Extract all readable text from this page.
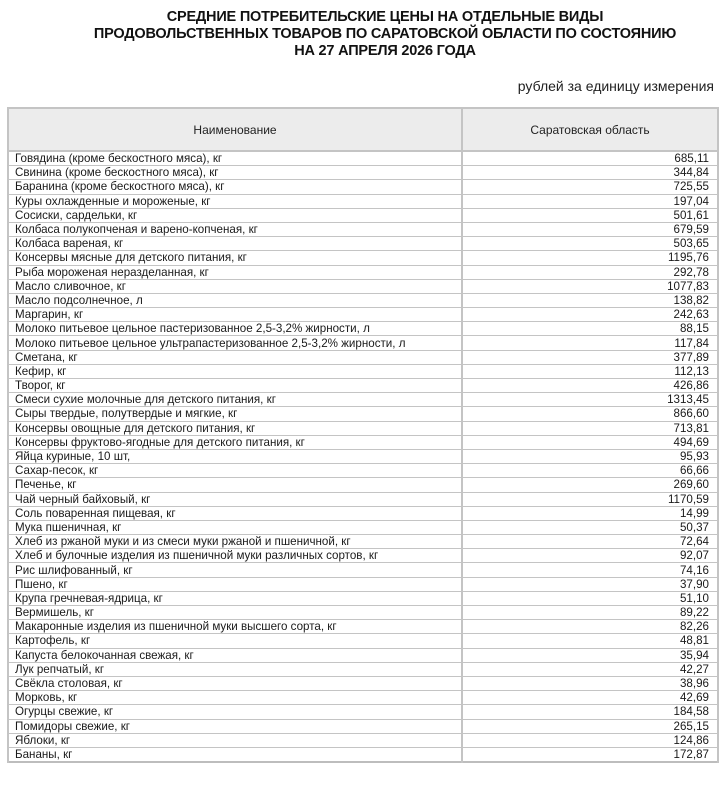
СРЕДНИЕ ПОТРЕБИТЕЛЬСКИЕ ЦЕНЫ НА ОТДЕЛЬНЫЕ ВИДЫ
ПРОДОВОЛЬСТВЕННЫХ ТОВАРОВ ПО САРАТОВСКОЙ ОБЛАСТИ ПО СОСТОЯНИЮ
НА 27 АПРЕЛЯ 2026 ГОДА
рублей за единицу измерения
Наименование	Саратовская область
Говядина (кроме бескостного мяса), кг	685,11
Свинина (кроме бескостного мяса), кг	344,84
Баранина (кроме бескостного мяса), кг	725,55
Куры охлажденные и мороженые, кг	197,04
Сосиски, сардельки, кг	501,61
Колбаса полукопченая и варено-копченая, кг	679,59
Колбаса вареная, кг	503,65
Консервы мясные для детского питания, кг	1195,76
Рыба мороженая неразделанная, кг	292,78
Масло сливочное, кг	1077,83
Масло подсолнечное, л	138,82
Маргарин, кг	242,63
Молоко питьевое цельное пастеризованное 2,5-3,2% жирности, л	88,15
Молоко питьевое цельное ультрапастеризованное 2,5-3,2% жирности, л	117,84
Сметана, кг	377,89
Кефир, кг	112,13
Творог, кг	426,86
Смеси сухие молочные для детского питания, кг	1313,45
Сыры твердые, полутвердые и мягкие, кг	866,60
Консервы овощные для детского питания, кг	713,81
Консервы фруктово-ягодные для детского питания, кг	494,69
Яйца куриные, 10 шт,	95,93
Сахар-песок, кг	66,66
Печенье, кг	269,60
Чай черный байховый, кг	1170,59
Соль поваренная пищевая, кг	14,99
Мука пшеничная, кг	50,37
Хлеб из ржаной муки и из смеси муки ржаной и пшеничной, кг	72,64
Хлеб и булочные изделия из пшеничной муки различных сортов, кг	92,07
Рис шлифованный, кг	74,16
Пшено, кг	37,90
Крупа гречневая-ядрица, кг	51,10
Вермишель, кг	89,22
Макаронные изделия из пшеничной муки высшего сорта, кг	82,26
Картофель, кг	48,81
Капуста белокочанная свежая, кг	35,94
Лук репчатый, кг	42,27
Свёкла столовая, кг	38,96
Морковь, кг	42,69
Огурцы свежие, кг	184,58
Помидоры свежие, кг	265,15
Яблоки, кг	124,86
Бананы, кг	172,87
